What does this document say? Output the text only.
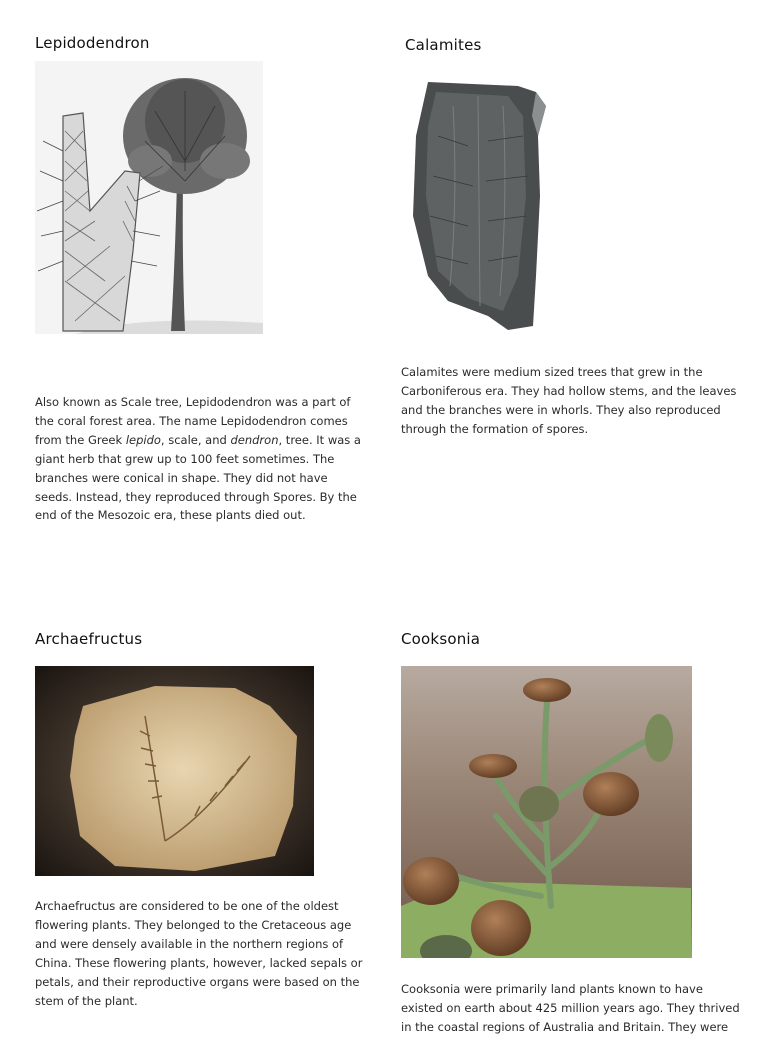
Lepidodendron

Also known as Scale tree, Lepidodendron was a part of the coral forest area. The name Lepidodendron comes from the Greek lepido, scale, and dendron, tree. It was a giant herb that grew up to 100 feet sometimes. The branches were conical in shape. They did not have seeds. Instead, they reproduced through Spores. By the end of the Mesozoic era, these plants died out.

Calamites

Calamites were medium sized trees that grew in the Carboniferous era. They had hollow stems, and the leaves and the branches were in whorls. They also reproduced through the formation of spores.

Archaefructus

Archaefructus are considered to be one of the oldest flowering plants. They belonged to the Cretaceous age and were densely available in the northern regions of China. These flowering plants, however, lacked sepals or petals, and their reproductive organs were based on the stem of the plant.

Cooksonia

Cooksonia were primarily land plants known to have existed on earth about 425 million years ago. They thrived in the coastal regions of Australia and Britain. They were
